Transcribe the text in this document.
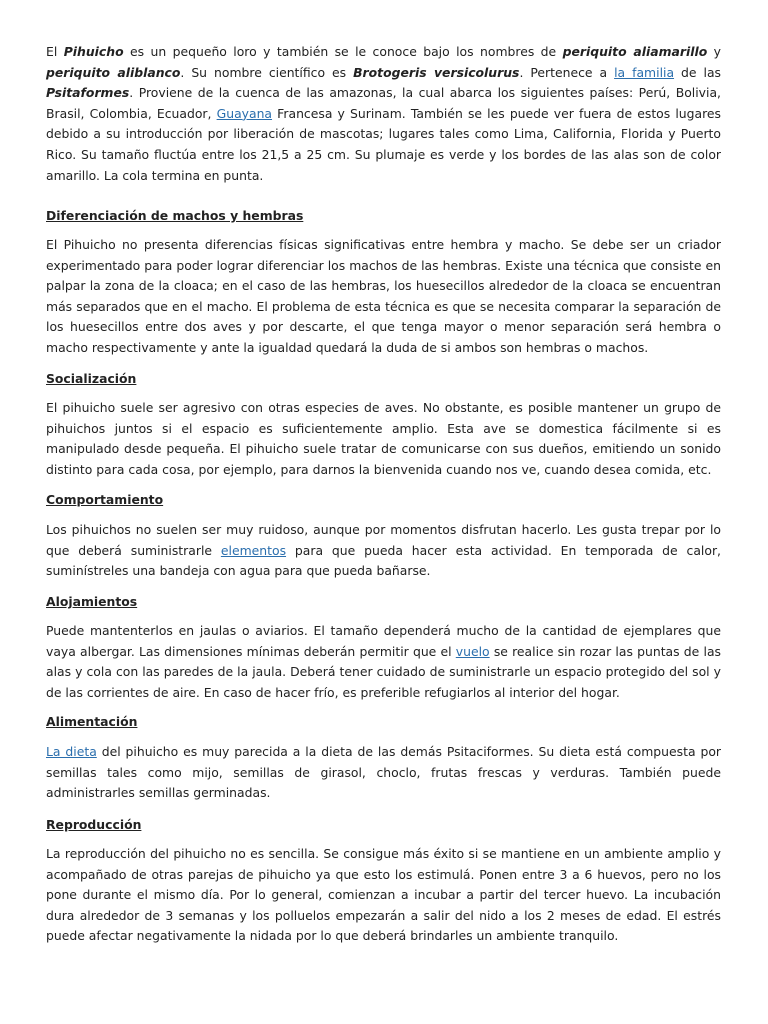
El Pihuicho es un pequeño loro y también se le conoce bajo los nombres de periquito aliamarillo y periquito aliblanco. Su nombre científico es Brotogeris versicolurus. Pertenece a la familia de las Psitaformes. Proviene de la cuenca de las amazonas, la cual abarca los siguientes países: Perú, Bolivia, Brasil, Colombia, Ecuador, Guayana Francesa y Surinam. También se les puede ver fuera de estos lugares debido a su introducción por liberación de mascotas; lugares tales como Lima, California, Florida y Puerto Rico. Su tamaño fluctúa entre los 21,5 a 25 cm. Su plumaje es verde y los bordes de las alas son de color amarillo. La cola termina en punta.

Diferenciación de machos y hembras

El Pihuicho no presenta diferencias físicas significativas entre hembra y macho. Se debe ser un criador experimentado para poder lograr diferenciar los machos de las hembras. Existe una técnica que consiste en palpar la zona de la cloaca; en el caso de las hembras, los huesecillos alrededor de la cloaca se encuentran más separados que en el macho. El problema de esta técnica es que se necesita comparar la separación de los huesecillos entre dos aves y por descarte, el que tenga mayor o menor separación será hembra o macho respectivamente y ante la igualdad quedará la duda de si ambos son hembras o machos.

Socialización

El pihuicho suele ser agresivo con otras especies de aves. No obstante, es posible mantener un grupo de pihuichos juntos si el espacio es suficientemente amplio. Esta ave se domestica fácilmente si es manipulado desde pequeña. El pihuicho suele tratar de comunicarse con sus dueños, emitiendo un sonido distinto para cada cosa, por ejemplo, para darnos la bienvenida cuando nos ve, cuando desea comida, etc.

Comportamiento

Los pihuichos no suelen ser muy ruidoso, aunque por momentos disfrutan hacerlo. Les gusta trepar por lo que deberá suministrarle elementos para que pueda hacer esta actividad. En temporada de calor, suminístreles una bandeja con agua para que pueda bañarse.

Alojamientos

Puede mantenterlos en jaulas o aviarios. El tamaño dependerá mucho de la cantidad de ejemplares que vaya albergar. Las dimensiones mínimas deberán permitir que el vuelo se realice sin rozar las puntas de las alas y cola con las paredes de la jaula. Deberá tener cuidado de suministrarle un espacio protegido del sol y de las corrientes de aire. En caso de hacer frío, es preferible refugiarlos al interior del hogar.

Alimentación

La dieta del pihuicho es muy parecida a la dieta de las demás Psitaciformes. Su dieta está compuesta por semillas tales como mijo, semillas de girasol, choclo, frutas frescas y verduras. También puede administrarles semillas germinadas.

Reproducción

La reproducción del pihuicho no es sencilla. Se consigue más éxito si se mantiene en un ambiente amplio y acompañado de otras parejas de pihuicho ya que esto los estimulá. Ponen entre 3 a 6 huevos, pero no los pone durante el mismo día. Por lo general, comienzan a incubar a partir del tercer huevo. La incubación dura alrededor de 3 semanas y los polluelos empezarán a salir del nido a los 2 meses de edad. El estrés puede afectar negativamente la nidada por lo que deberá brindarles un ambiente tranquilo.
